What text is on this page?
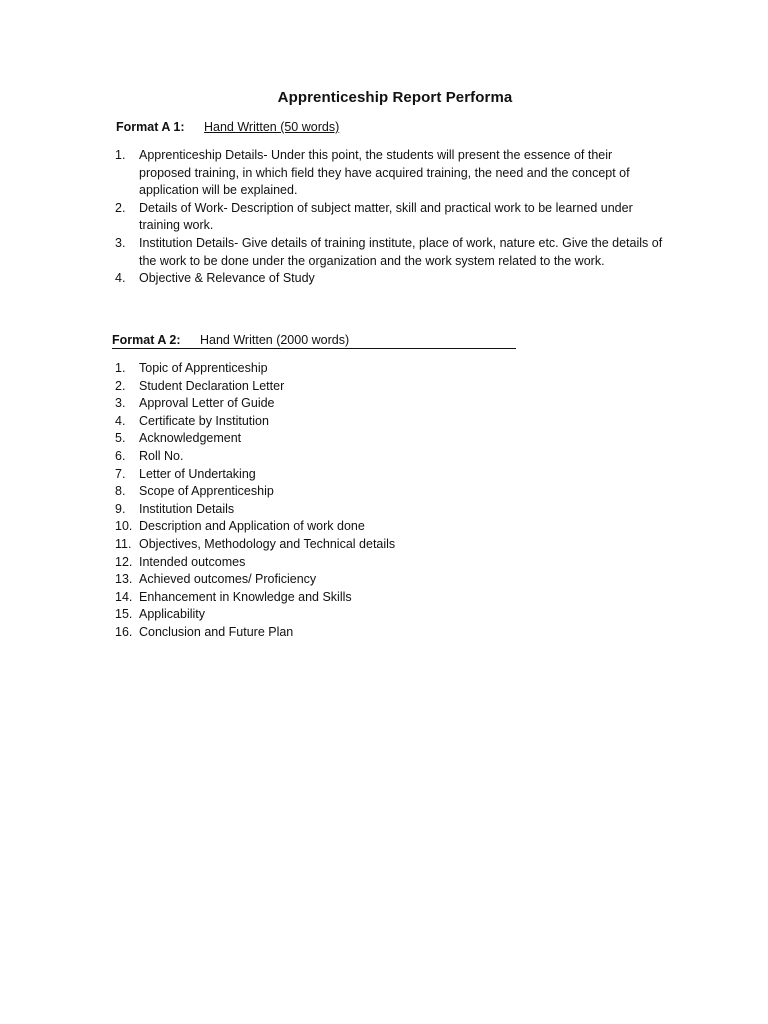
Apprenticeship Report Performa
Format A 1: Hand Written (50 words)
1.	Apprenticeship Details- Under this point, the students will present the essence of their proposed training, in which field they have acquired training, the need and the concept of application will be explained.
2.	Details of Work- Description of subject matter, skill and practical work to be learned under training work.
3.	Institution Details- Give details of training institute, place of work, nature etc. Give the details of the work to be done under the organization and the work system related to the work.
4.	Objective & Relevance of Study
Format A 2: Hand Written (2000 words)
1.	Topic of Apprenticeship
2.	Student Declaration Letter
3.	Approval Letter of Guide
4.	Certificate by Institution
5.	Acknowledgement
6.	Roll No.
7.	Letter of Undertaking
8.	Scope of Apprenticeship
9.	Institution Details
10. Description and Application of work done
11. Objectives, Methodology and Technical details
12. Intended outcomes
13. Achieved outcomes/ Proficiency
14. Enhancement in Knowledge and Skills
15. Applicability
16. Conclusion and Future Plan
